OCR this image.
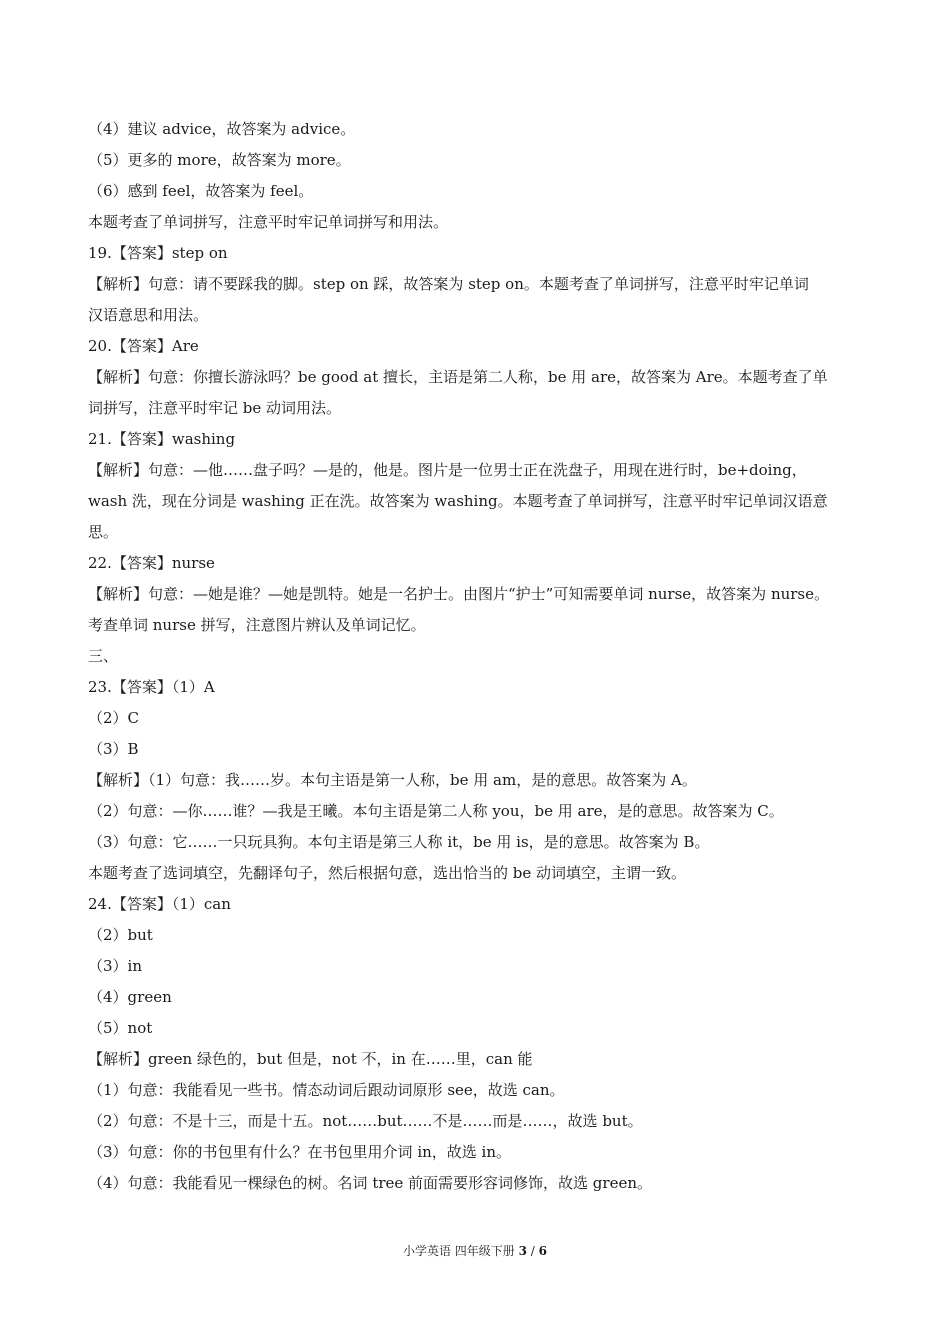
（4）建议 advice，故答案为 advice。
（5）更多的 more，故答案为 more。
（6）感到 feel，故答案为 feel。
本题考查了单词拼写，注意平时牢记单词拼写和用法。
19.【答案】step on
【解析】句意：请不要踩我的脚。step on 踩，故答案为 step on。本题考查了单词拼写，注意平时牢记单词
汉语意思和用法。
20.【答案】Are
【解析】句意：你擅长游泳吗？be good at 擅长，主语是第二人称，be 用 are，故答案为 Are。本题考查了单
词拼写，注意平时牢记 be 动词用法。
21.【答案】washing
【解析】句意：—他……盘子吗？—是的，他是。图片是一位男士正在洗盘子，用现在进行时，be+doing，
wash 洗，现在分词是 washing 正在洗。故答案为 washing。本题考查了单词拼写，注意平时牢记单词汉语意
思。
22.【答案】nurse
【解析】句意：—她是谁？—她是凯特。她是一名护士。由图片“护士”可知需要单词 nurse，故答案为 nurse。
考查单词 nurse 拼写，注意图片辨认及单词记忆。
三、
23.【答案】（1）A
（2）C
（3）B
【解析】（1）句意：我……岁。本句主语是第一人称，be 用 am，是的意思。故答案为 A。
（2）句意：—你……谁？—我是王曦。本句主语是第二人称 you，be 用 are，是的意思。故答案为 C。
（3）句意：它……一只玩具狗。本句主语是第三人称 it，be 用 is，是的意思。故答案为 B。
本题考查了选词填空，先翻译句子，然后根据句意，选出恰当的 be 动词填空，主谓一致。
24.【答案】（1）can
（2）but
（3）in
（4）green
（5）not
【解析】green 绿色的，but 但是，not 不，in 在……里，can 能
（1）句意：我能看见一些书。情态动词后跟动词原形 see，故选 can。
（2）句意：不是十三，而是十五。not……but……不是……而是……，故选 but。
（3）句意：你的书包里有什么？在书包里用介词 in，故选 in。
（4）句意：我能看见一棵绿色的树。名词 tree 前面需要形容词修饰，故选 green。
小学英语 四年级下册 3 / 6
